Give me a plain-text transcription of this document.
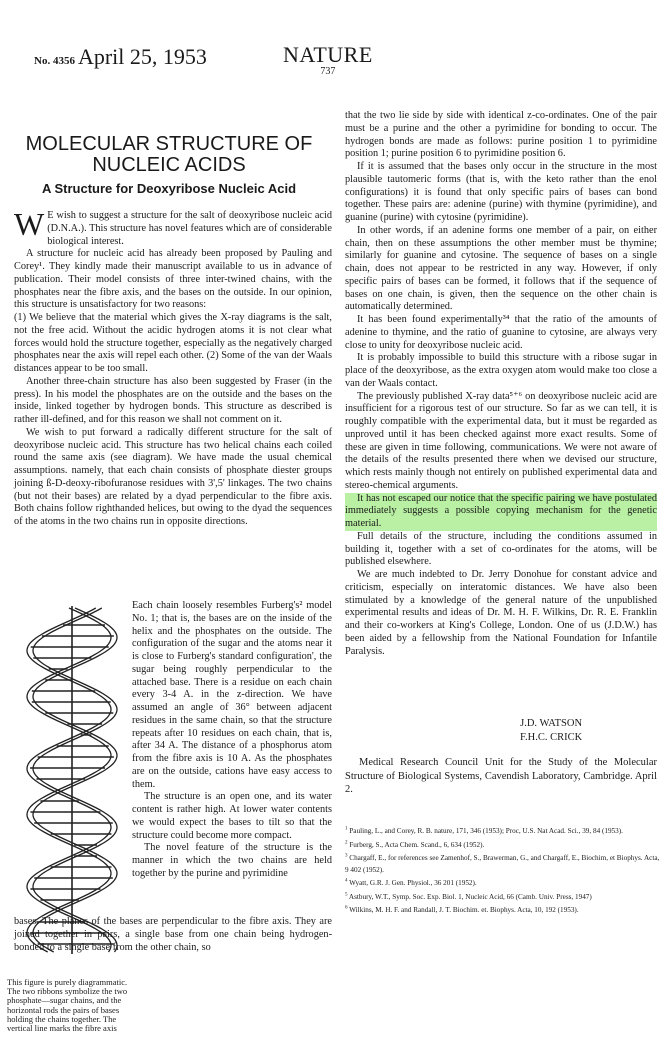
No. 4356 April 25, 1953	NATURE
737
MOLECULAR STRUCTURE OF
NUCLEIC ACIDS
A Structure for Deoxyribose Nucleic Acid

W E wish to suggest a structure for the salt of deoxyribose nucleic acid (D.N.A.). This structure has novel features which are of considerable biological interest.

A structure for nucleic acid has already been proposed by Pauling and Corey¹. They kindly made their manuscript available to us in advance of publication. Their model consists of three inter-twined chains, with the phosphates near the fibre axis, and the bases on the outside. In our opinion, this structure is unsatisfactory for two reasons:

(1) We believe that the material which gives the X-ray diagrams is the salt, not the free acid. Without the acidic hydrogen atoms it is not clear what forces would hold the structure together, especially as the negatively charged phosphates near the axis will repel each other. (2) Some of the van der Waals distances appear to be too small.

Another three-chain structure has also been suggested by Fraser (in the press). In his model the phosphates are on the outside and the bases on the inside, linked together by hydrogen bonds. This structure as described is rather ill-defined, and for this reason we shall not comment on it.

We wish to put forward a radically different structure for the salt of deoxyribose nucleic acid. This structure has two helical chains each coiled round the same axis (see diagram). We have made the usual chemical assumptions. namely, that each chain consists of phosphate diester groups joining ß-D-deoxy-ribofuranose residues with 3',5' linkages. The two chains (but not their bases) are related by a dyad perpendicular to the fibre axis. Both chains follow righthanded helices, but owing to the dyad the sequences of the atoms in the two chains run in opposite directions.

Each chain loosely resembles Furberg's² model No. 1; that is, the bases are on the inside of the helix and the phosphates on the outside. The configuration of the sugar and the atoms near it is close to Furberg's standard configuration', the sugar being roughly perpendicular to the attached base. There is a residue on each chain every 3-4 A. in the z-direction. We have assumed an angle of 36° between adjacent residues in the same chain, so that the structure repeats after 10 residues on each chain, that is, after 34 A. The distance of a phosphorus atom from the fibre axis is 10 A. As the phosphates are on the outside, cations have easy access to them.

The structure is an open one, and its water content is rather high. At lower water contents we would expect the bases to tilt so that the structure could become more compact.

The novel feature of the structure is the manner in which the two chains are held together by the purine and pyrimidine

bases. The planes of the bases are perpendicular to the fibre axis. They are joined together in pairs, a single base from one chain being hydrogen-bonded to a single base from the other chain, so

This figure is purely diagrammatic.
The two ribbons symbolize the two
phosphate—sugar chains, and the
horizontal rods the pairs of bases
holding the chains together. The
vertical line marks the fibre axis

that the two lie side by side with identical z-co-ordinates. One of the pair must be a purine and the other a pyrimidine for bonding to occur. The hydrogen bonds are made as follows: purine position 1 to pyrimidine position 1; purine position 6 to pyrimidine position 6.

If it is assumed that the bases only occur in the structure in the most plausible tautomeric forms (that is, with the keto rather than the enol configurations) it is found that only specific pairs of bases can bond together. These pairs are: adenine (purine) with thymine (pyrimidine), and guanine (purine) with cytosine (pyrimidine).

In other words, if an adenine forms one member of a pair, on either chain, then on these assumptions the other member must be thymine; similarly for guanine and cytosine. The sequence of bases on a single chain, does not appear to be restricted in any way. However, if only specific pairs of bases can be formed, it follows that if the sequence of bases on one chain, is given, then the sequence on the other chain is automatically determined.

It has been found experimentally³⁴ that the ratio of the amounts of adenine to thymine, and the ratio of guanine to cytosine, are always very close to unity for deoxyribose nucleic acid.

It is probably impossible to build this structure with a ribose sugar in place of the deoxyribose, as the extra oxygen atom would make too close a van der Waals contact.

The previously published X-ray data⁵⁺⁶ on deoxyribose nucleic acid are insufficient for a rigorous test of our structure. So far as we can tell, it is roughly compatible with the experimental data, but it must be regarded as unproved until it has been checked against more exact results. Some of these are given in time following, communications. We were not aware of the details of the results presented there when we devised our structure, which rests mainly though not entirely on published experimental data and stereo-chemical arguments.

It has not escaped our notice that the specific pairing we have postulated immediately suggests a possible copying mechanism for the genetic material.

Full details of the structure, including the conditions assumed in building it, together with a set of co-ordinates for the atoms, will be published elsewhere.

We are much indebted to Dr. Jerry Donohue for constant advice and criticism, especially on interatomic distances. We have also been stimulated by a knowledge of the general nature of the unpublished experimental results and ideas of Dr. M. H. F. Wilkins, Dr. R. E. Franklin and their co-workers at King's College, London. One of us (J.D.W.) has been aided by a fellowship from the National Foundation for Infantile Paralysis.

J.D. WATSON
F.H.C. CRICK

Medical Research Council Unit for the Study of the Molecular Structure of Biological Systems, Cavendish Laboratory, Cambridge. April 2.

$^1$ Pauling, L., and Corey, R. B. nature, 171, 346 (1953); Proc, U.S. Nat Acad. Sci., 39, 84 (1953).
$^2$ Furberg, S., Acta Chem. Scand., 6, 634 (1952).
$^3$ Chargaff, E., for references see Zamenhof, S., Brawerman, G., and Chargaff, E., Biochim, et Biophys. Acta, 9 402 (1952).
$^4$ Wyatt, G.R. J. Gen. Physiol., 36 201 (1952).
$^5$ Astbury, W.T., Symp. Soc. Exp. Biol. 1, Nucleic Acid, 66 (Camb. Univ. Press, 1947)
$^6$ Wilkins, M. H. F. and Randall, J. T. Biochim. et. Biophys. Acta, 10, 192 (1953).
